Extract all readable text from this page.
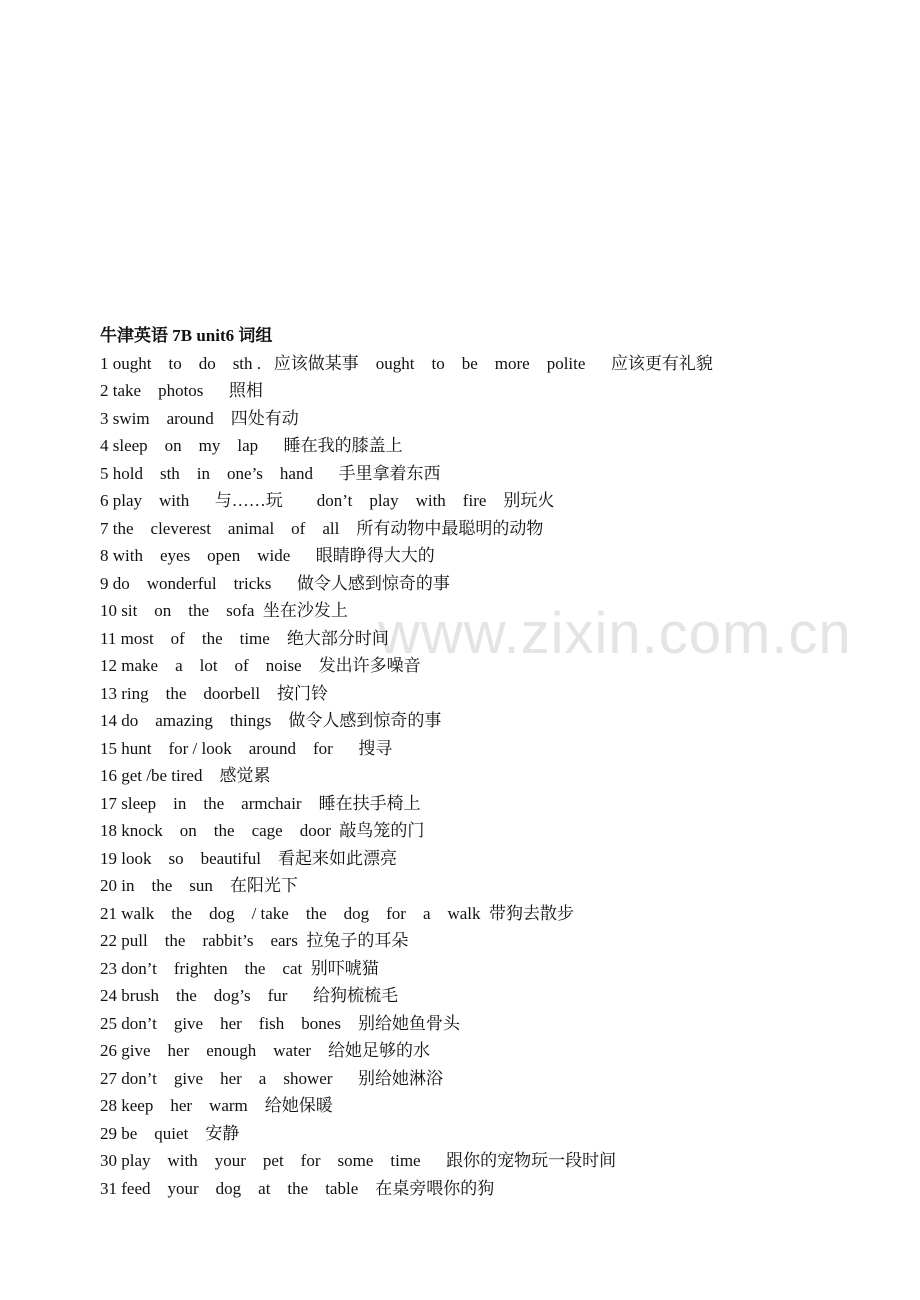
www.zixin.com.cn
牛津英语 7B unit6 词组
1 ought    to    do    sth .   应该做某事    ought    to    be    more    polite      应该更有礼貌
2 take    photos      照相
3 swim    around    四处有动
4 sleep    on    my    lap      睡在我的膝盖上
5 hold    sth    in    one’s    hand      手里拿着东西
6 play    with      与……玩        don’t    play    with    fire    别玩火
7 the    cleverest    animal    of    all    所有动物中最聪明的动物
8 with    eyes    open    wide      眼睛睁得大大的
9 do    wonderful    tricks      做令人感到惊奇的事
10 sit    on    the    sofa  坐在沙发上
11 most    of    the    time    绝大部分时间
12 make    a    lot    of    noise    发出许多噪音
13 ring    the    doorbell    按门铃
14 do    amazing    things    做令人感到惊奇的事
15 hunt    for / look    around    for      搜寻
16 get /be tired    感觉累
17 sleep    in    the    armchair    睡在扶手椅上
18 knock    on    the    cage    door  敲鸟笼的门
19 look    so    beautiful    看起来如此漂亮
20 in    the    sun    在阳光下
21 walk    the    dog    / take    the    dog    for    a    walk  带狗去散步
22 pull    the    rabbit’s    ears  拉兔子的耳朵
23 don’t    frighten    the    cat  别吓唬猫
24 brush    the    dog’s    fur      给狗梳梳毛
25 don’t    give    her    fish    bones    别给她鱼骨头
26 give    her    enough    water    给她足够的水
27 don’t    give    her    a    shower      别给她淋浴
28 keep    her    warm    给她保暖
29 be    quiet    安静
30 play    with    your    pet    for    some    time      跟你的宠物玩一段时间
31 feed    your    dog    at    the    table    在桌旁喂你的狗
